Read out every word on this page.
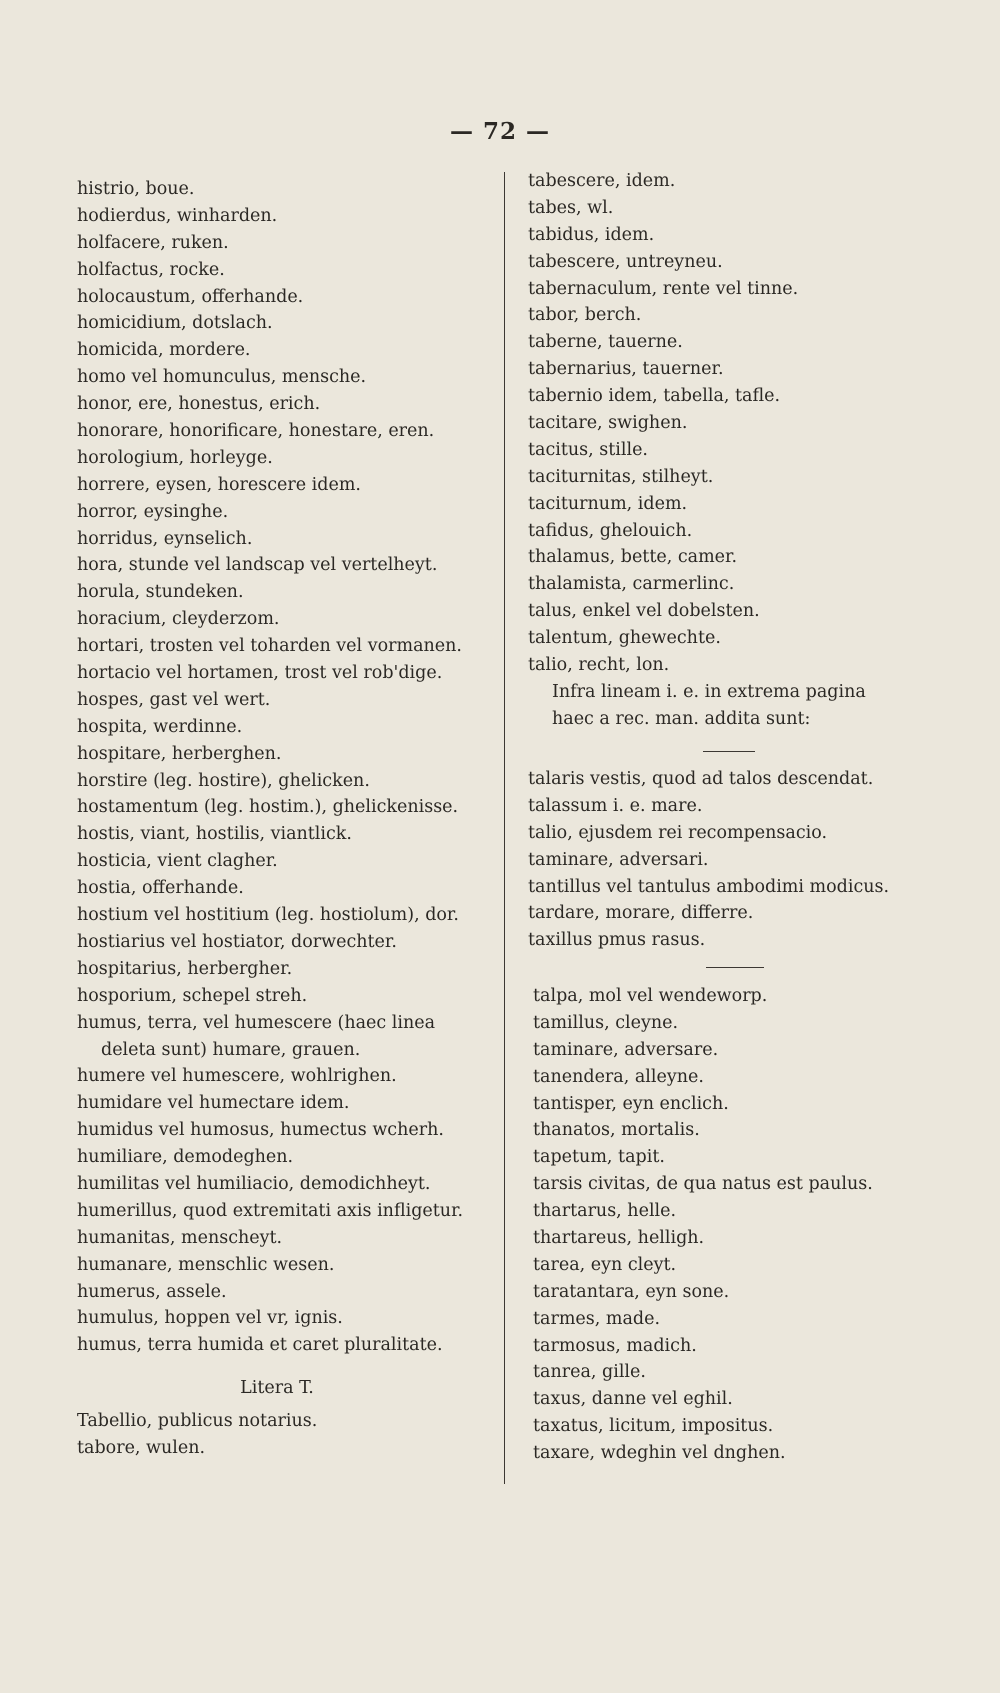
— 72 —

histrio, boue.
hodierdus, winharden.
holfacere, ruken.
holfactus, rocke.
holocaustum, offerhande.
homicidium, dotslach.
homicida, mordere.
homo vel homunculus, mensche.
honor, ere, honestus, erich.
honorare, honorificare, honestare, eren.
horologium, horleyge.
horrere, eysen, horescere idem.
horror, eysinghe.
horridus, eynselich.
hora, stunde vel landscap vel vertelheyt.
horula, stundeken.
horacium, cleyderzom.
hortari, trosten vel toharden vel vormanen.
hortacio vel hortamen, trost vel rob'dige.
hospes, gast vel wert.
hospita, werdinne.
hospitare, herberghen.
horstire (leg. hostire), ghelicken.
hostamentum (leg. hostim.), ghelickenisse.
hostis, viant, hostilis, viantlick.
hosticia, vient clagher.
hostia, offerhande.
hostium vel hostitium (leg. hostiolum), dor.
hostiarius vel hostiator, dorwechter.
hospitarius, herbergher.
hosporium, schepel streh.
humus, terra, vel humescere (haec linea
deleta sunt) humare, grauen.
humere vel humescere, wohlrighen.
humidare vel humectare idem.
humidus vel humosus, humectus wcherh.
humiliare, demodeghen.
humilitas vel humiliacio, demodichheyt.
humerillus, quod extremitati axis infligetur.
humanitas, menscheyt.
humanare, menschlic wesen.
humerus, assele.
humulus, hoppen vel vr, ignis.
humus, terra humida et caret pluralitate.
Litera T.
Tabellio, publicus notarius.
tabore, wulen.
tabescere, idem.
tabes, wl.
tabidus, idem.
tabescere, untreyneu.
tabernaculum, rente vel tinne.
tabor, berch.
taberne, tauerne.
tabernarius, tauerner.
tabernio idem, tabella, tafle.
tacitare, swighen.
tacitus, stille.
taciturnitas, stilheyt.
taciturnum, idem.
tafidus, ghelouich.
thalamus, bette, camer.
thalamista, carmerlinc.
talus, enkel vel dobelsten.
talentum, ghewechte.
talio, recht, lon.
Infra lineam i. e. in extrema pagina
haec a rec. man. addita sunt:
talaris vestis, quod ad talos descendat.
talassum i. e. mare.
talio, ejusdem rei recompensacio.
taminare, adversari.
tantillus vel tantulus ambodimi modicus.
tardare, morare, differre.
taxillus pmus rasus.
talpa, mol vel wendeworp.
tamillus, cleyne.
taminare, adversare.
tanendera, alleyne.
tantisper, eyn enclich.
thanatos, mortalis.
tapetum, tapit.
tarsis civitas, de qua natus est paulus.
thartarus, helle.
thartareus, helligh.
tarea, eyn cleyt.
taratantara, eyn sone.
tarmes, made.
tarmosus, madich.
tanrea, gille.
taxus, danne vel eghil.
taxatus, licitum, impositus.
taxare, wdeghin vel dnghen.
